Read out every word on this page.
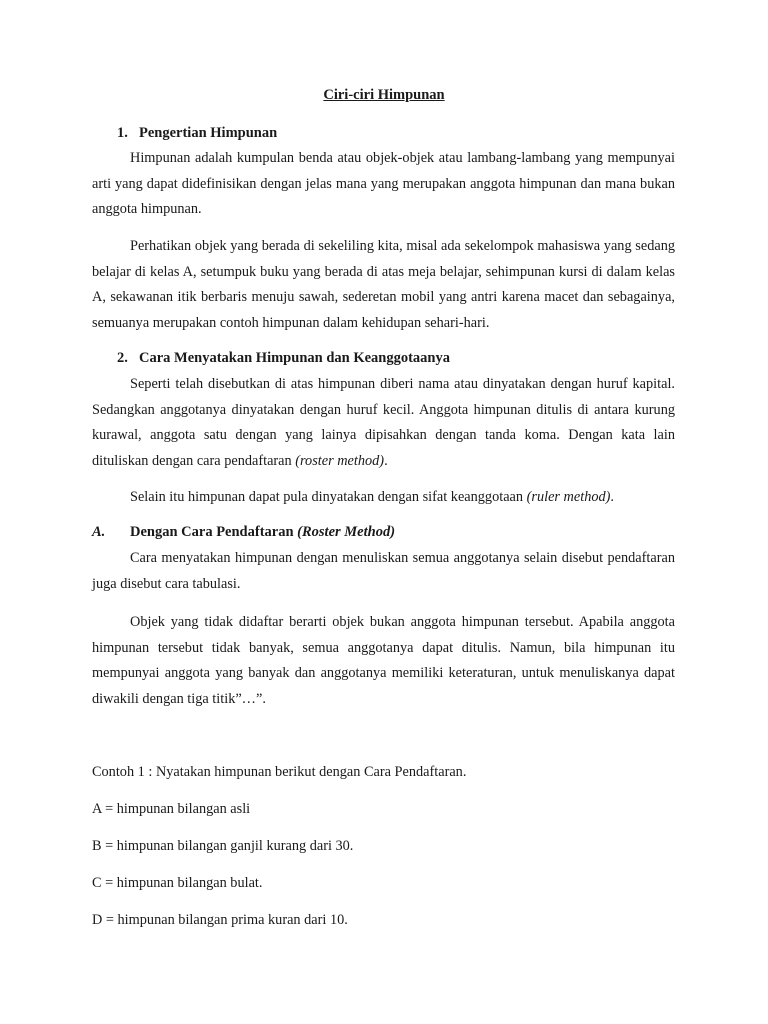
Ciri-ciri Himpunan
1. Pengertian Himpunan
Himpunan adalah kumpulan benda atau objek-objek atau lambang-lambang yang mempunyai arti yang dapat didefinisikan dengan jelas mana yang merupakan anggota himpunan dan mana bukan anggota himpunan.
Perhatikan objek yang berada di sekeliling kita, misal ada sekelompok mahasiswa yang sedang belajar di kelas A, setumpuk buku yang berada di atas meja belajar, sehimpunan kursi di dalam kelas A, sekawanan itik berbaris menuju sawah, sederetan mobil yang antri karena macet dan sebagainya, semuanya merupakan contoh himpunan dalam kehidupan sehari-hari.
2. Cara Menyatakan Himpunan dan Keanggotaanya
Seperti telah disebutkan di atas himpunan diberi nama atau dinyatakan dengan huruf kapital. Sedangkan anggotanya dinyatakan dengan huruf kecil. Anggota himpunan ditulis di antara kurung kurawal, anggota satu dengan yang lainya dipisahkan dengan tanda koma. Dengan kata lain dituliskan dengan cara pendaftaran (roster method).
Selain itu himpunan dapat pula dinyatakan dengan sifat keanggotaan (ruler method).
A. Dengan Cara Pendaftaran (Roster Method)
Cara menyatakan himpunan dengan menuliskan semua anggotanya selain disebut pendaftaran juga disebut cara tabulasi.
Objek yang tidak didaftar berarti objek bukan anggota himpunan tersebut. Apabila anggota himpunan tersebut tidak banyak, semua anggotanya dapat ditulis. Namun, bila himpunan itu mempunyai anggota yang banyak dan anggotanya memiliki keteraturan, untuk menuliskanya dapat diwakili dengan tiga titik”…”.
Contoh 1 : Nyatakan himpunan berikut dengan Cara Pendaftaran.
A = himpunan bilangan asli
B = himpunan bilangan ganjil kurang dari 30.
C = himpunan bilangan bulat.
D = himpunan bilangan prima kuran dari 10.
